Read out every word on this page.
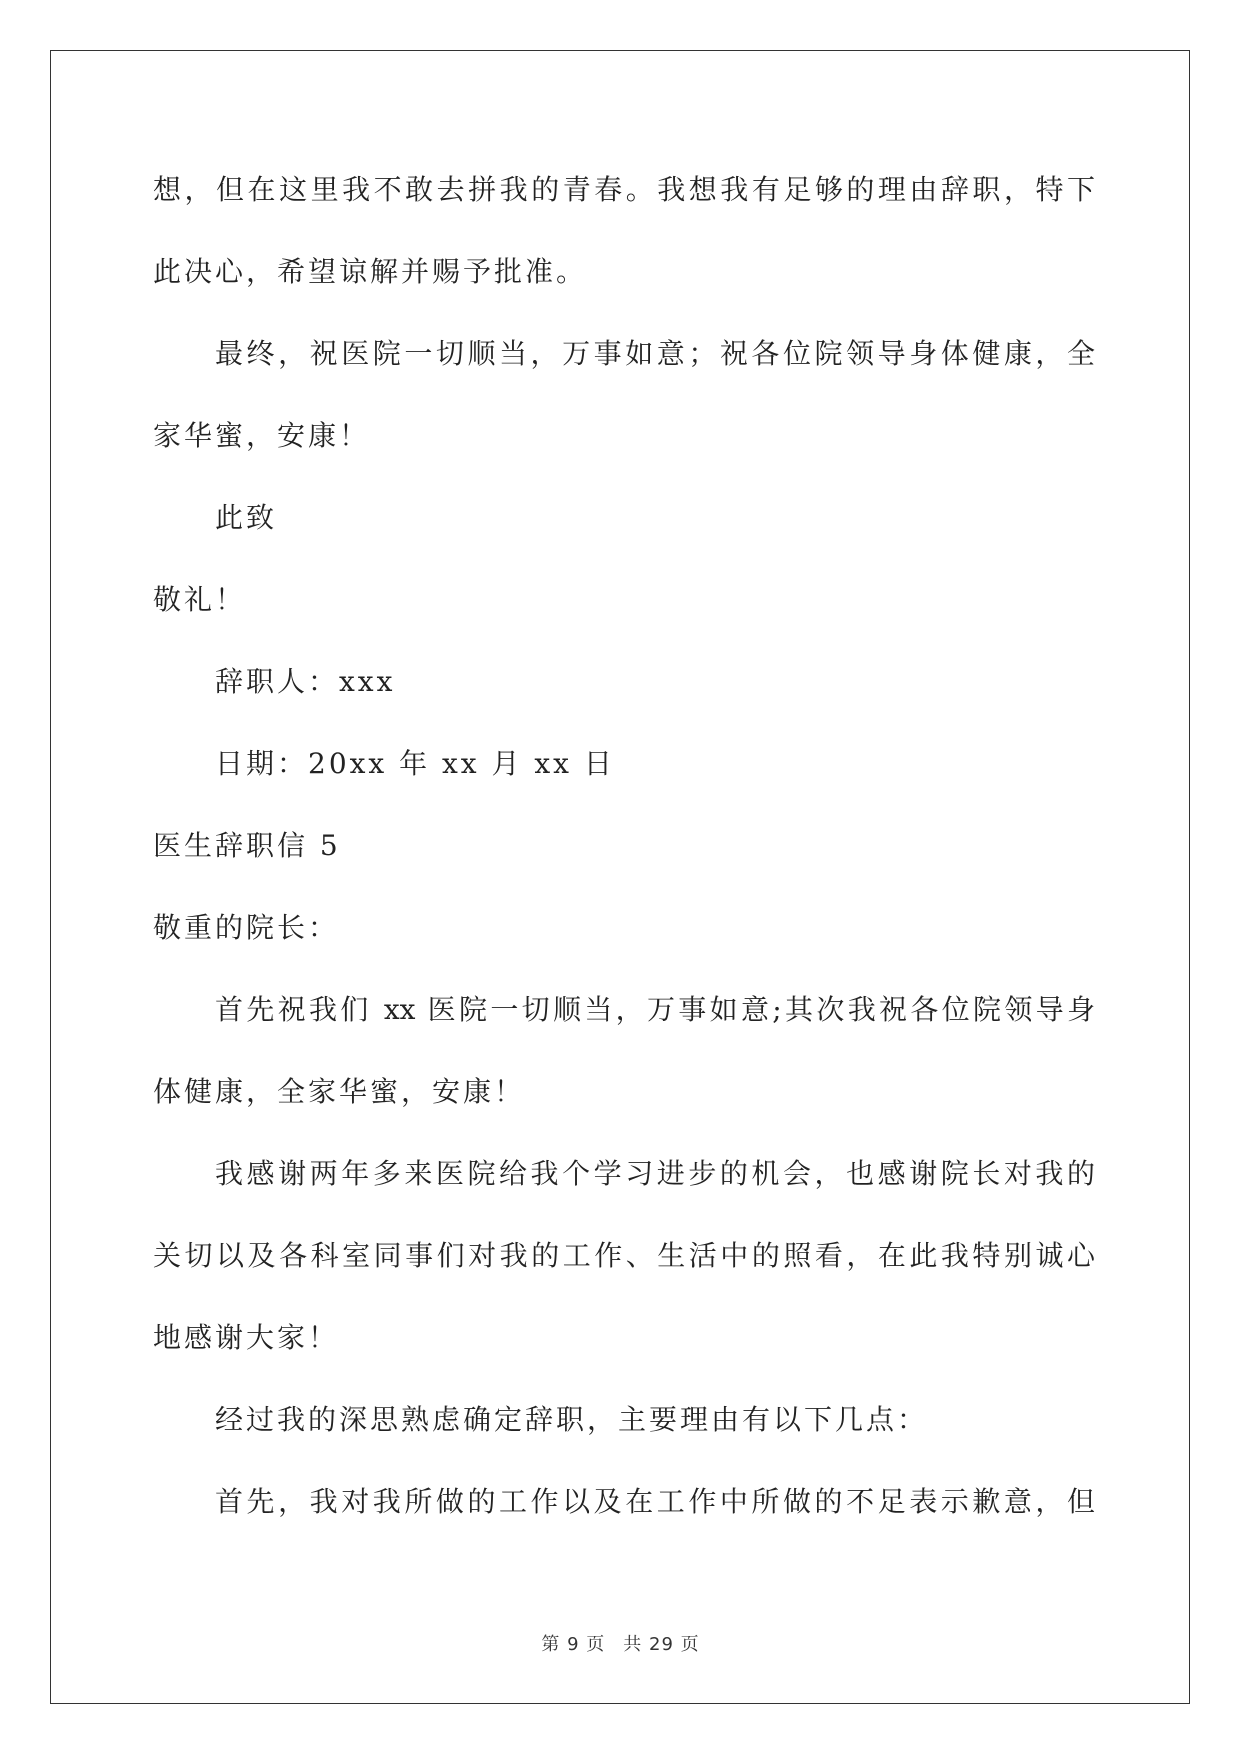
想，但在这里我不敢去拼我的青春。我想我有足够的理由辞职，特下
此决心，希望谅解并赐予批准。
最终，祝医院一切顺当，万事如意；祝各位院领导身体健康，全
家华蜜，安康！
此致
敬礼！
辞职人：xxx
日期：20xx 年 xx 月 xx 日
医生辞职信 5
敬重的院长：
首先祝我们 xx 医院一切顺当，万事如意;其次我祝各位院领导身
体健康，全家华蜜，安康！
我感谢两年多来医院给我个学习进步的机会，也感谢院长对我的
关切以及各科室同事们对我的工作、生活中的照看，在此我特别诚心
地感谢大家！
经过我的深思熟虑确定辞职，主要理由有以下几点：
首先，我对我所做的工作以及在工作中所做的不足表示歉意，但
第 9 页 共 29 页
